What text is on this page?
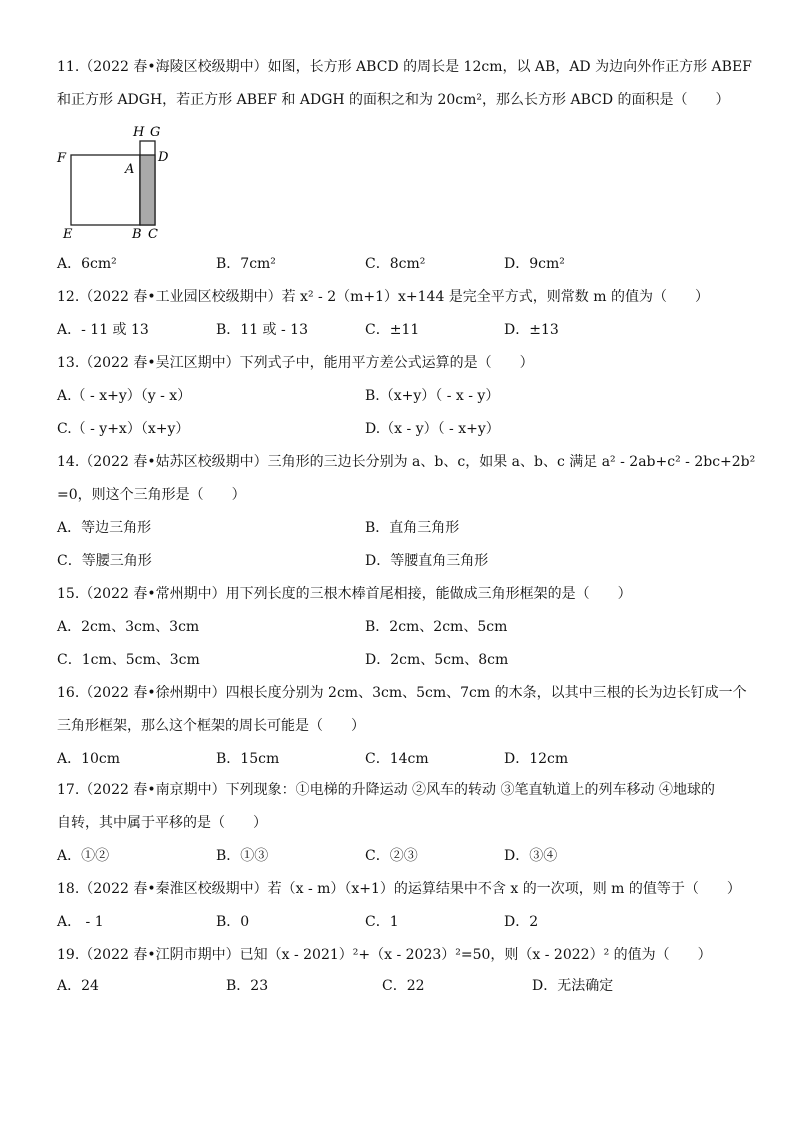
11.（2022 春•海陵区校级期中）如图，长方形 ABCD 的周长是 12cm，以 AB，AD 为边向外作正方形 ABEF
和正方形 ADGH，若正方形 ABEF 和 ADGH 的面积之和为 20cm²，那么长方形 ABCD 的面积是（　　）
H G
F
A
D
E	B C
A．6cm²	B．7cm²	C．8cm²	D．9cm²
12.（2022 春•工业园区校级期中）若 x² - 2（m+1）x+144 是完全平方式，则常数 m 的值为（　　）
A．- 11 或 13	B．11 或 - 13	C．±11	D．±13
13.（2022 春•吴江区期中）下列式子中，能用平方差公式运算的是（　　）
A.（ - x+y）（y - x）	B.（x+y）（ - x - y）
C.（ - y+x）（x+y）	D.（x - y）（ - x+y）
14.（2022 春•姑苏区校级期中）三角形的三边长分别为 a、b、c，如果 a、b、c 满足 a² - 2ab+c² - 2bc+2b²
=0，则这个三角形是（　　）
A．等边三角形	B．直角三角形
C．等腰三角形	D．等腰直角三角形
15.（2022 春•常州期中）用下列长度的三根木棒首尾相接，能做成三角形框架的是（　　）
A．2cm、3cm、3cm	B．2cm、2cm、5cm
C．1cm、5cm、3cm	D．2cm、5cm、8cm
16.（2022 春•徐州期中）四根长度分别为 2cm、3cm、5cm、7cm 的木条，以其中三根的长为边长钉成一个
三角形框架，那么这个框架的周长可能是（　　）
A．10cm	B．15cm	C．14cm	D．12cm
17.（2022 春•南京期中）下列现象：①电梯的升降运动 ②风车的转动 ③笔直轨道上的列车移动 ④地球的
自转，其中属于平移的是（　　）
A．①②	B．①③	C．②③	D．③④
18.（2022 春•秦淮区校级期中）若（x - m）（x+1）的运算结果中不含 x 的一次项，则 m 的值等于（　　）
A． - 1	B．0	C．1	D．2
19.（2022 春•江阴市期中）已知（x - 2021）²+（x - 2023）²=50，则（x - 2022）² 的值为（　　）
A．24	B．23	C．22	D．无法确定
